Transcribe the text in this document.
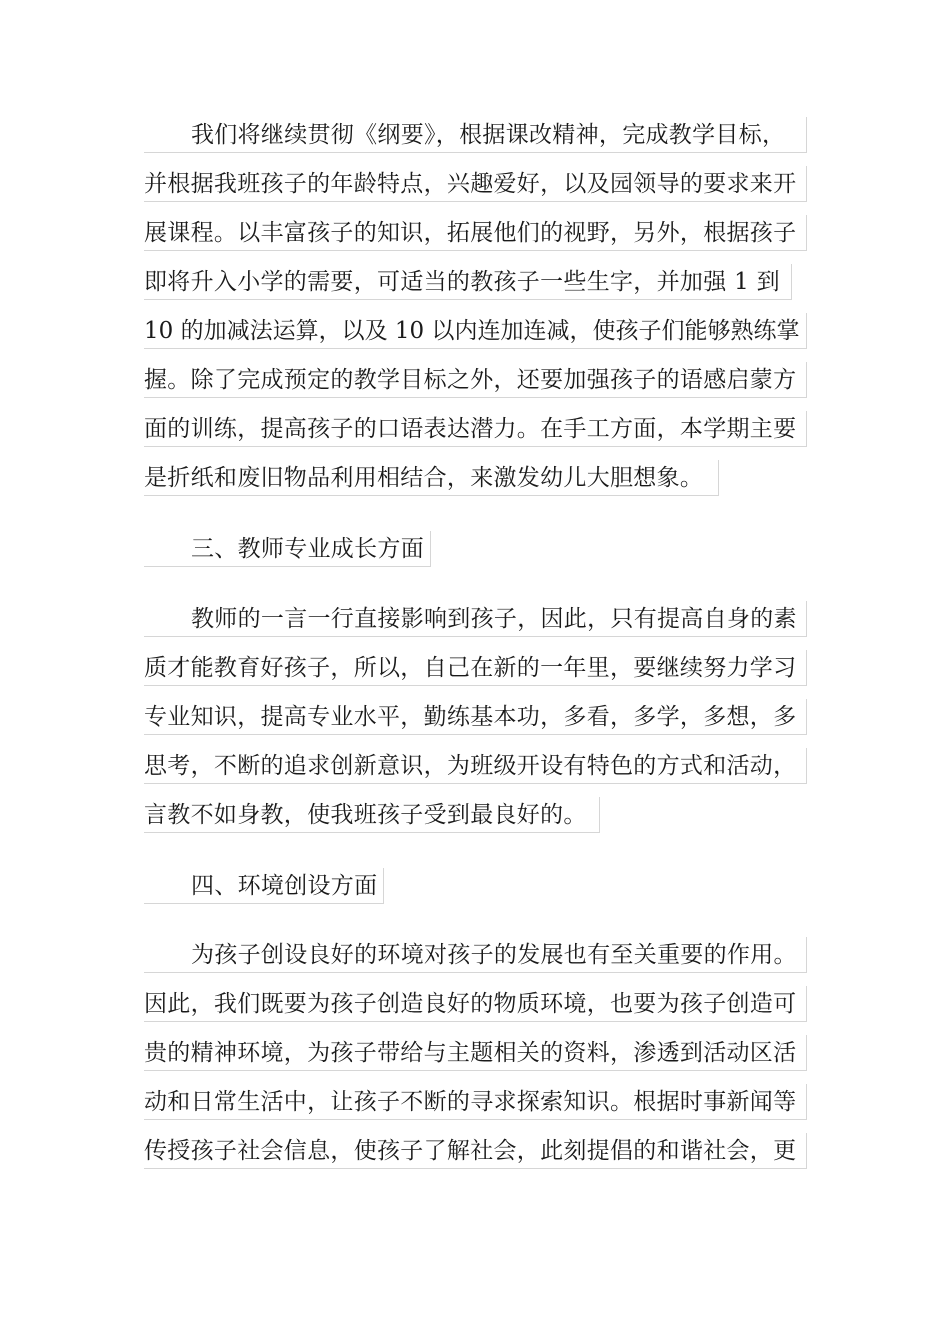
我们将继续贯彻《纲要》，根据课改精神，完成教学目标，
并根据我班孩子的年龄特点，兴趣爱好，以及园领导的要求来开
展课程。以丰富孩子的知识，拓展他们的视野，另外，根据孩子
即将升入小学的需要，可适当的教孩子一些生字，并加强 1 到
10 的加减法运算，以及 10 以内连加连减，使孩子们能够熟练掌
握。除了完成预定的教学目标之外，还要加强孩子的语感启蒙方
面的训练，提高孩子的口语表达潜力。在手工方面，本学期主要
是折纸和废旧物品利用相结合，来激发幼儿大胆想象。
三、教师专业成长方面
教师的一言一行直接影响到孩子，因此，只有提高自身的素
质才能教育好孩子，所以，自己在新的一年里，要继续努力学习
专业知识，提高专业水平，勤练基本功，多看，多学，多想，多
思考，不断的追求创新意识，为班级开设有特色的方式和活动，
言教不如身教，使我班孩子受到最良好的。
四、环境创设方面
为孩子创设良好的环境对孩子的发展也有至关重要的作用。
因此，我们既要为孩子创造良好的物质环境，也要为孩子创造可
贵的精神环境，为孩子带给与主题相关的资料，渗透到活动区活
动和日常生活中，让孩子不断的寻求探索知识。根据时事新闻等
传授孩子社会信息，使孩子了解社会，此刻提倡的和谐社会，更
